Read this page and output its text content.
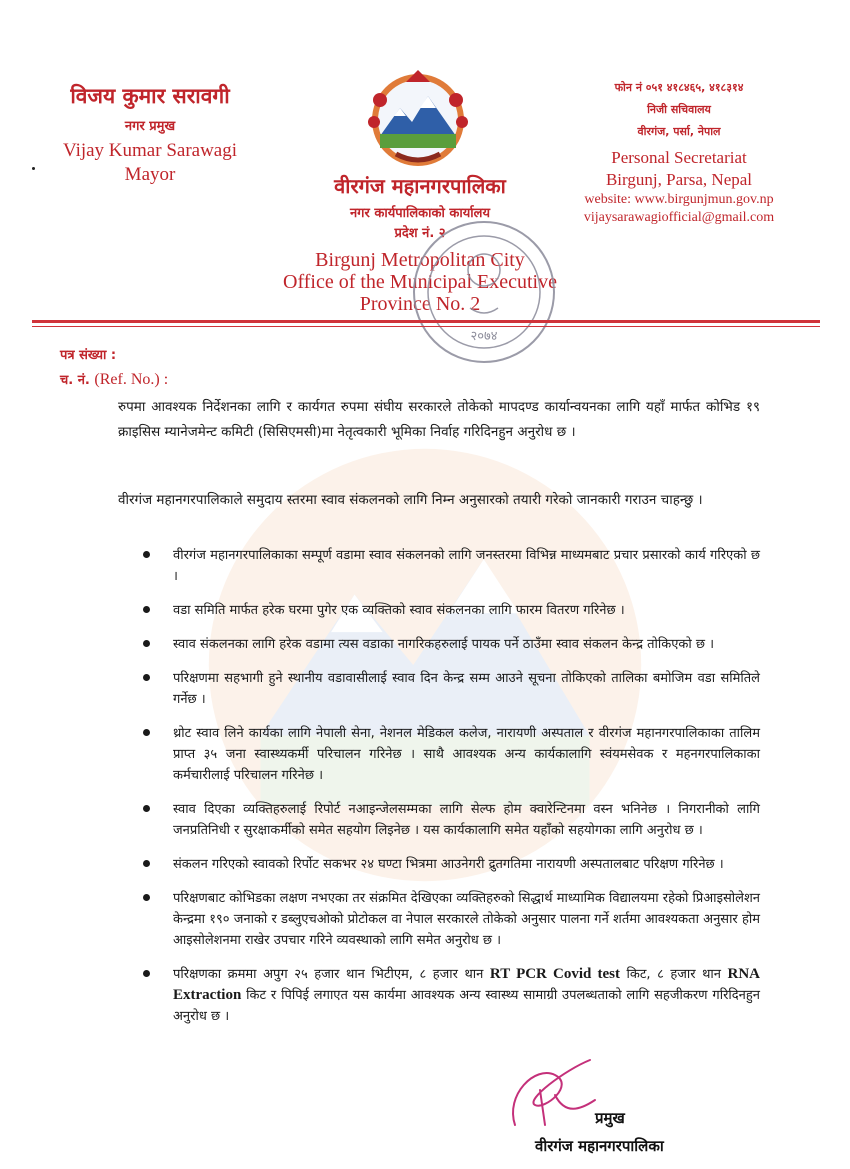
विजय कुमार सरावगी
नगर प्रमुख
Vijay Kumar Sarawagi
Mayor	वीरगंज महानगरपालिका
नगर कार्यपालिकाको कार्यालय
प्रदेश नं. २
Birgunj Metropolitan City
Office of the Municipal Executive
Province No. 2
फोन नं ०५१ ४१८४६५, ४१८३१४
निजी सचिवालय
वीरगंज, पर्सा, नेपाल
Personal Secretariat
Birgunj, Parsa, Nepal
website: www.birgunjmun.gov.np
vijaysarawagiofficial@gmail.com
२०७४
पत्र संख्या :
च. नं. (Ref. No.) :
रुपमा आवश्यक निर्देशनका लागि र कार्यगत रुपमा संघीय सरकारले तोकेको मापदण्ड कार्यान्वयनका लागि यहाँ मार्फत कोभिड १९ क्राइसिस म्यानेजमेन्ट कमिटी (सिसिएमसी)मा नेतृत्वकारी भूमिका निर्वाह गरिदिनहुन अनुरोध छ ।
वीरगंज महानगरपालिकाले समुदाय स्तरमा स्वाव संकलनको लागि निम्न अनुसारको तयारी गरेको जानकारी गराउन चाहन्छु ।
वीरगंज महानगरपालिकाका सम्पूर्ण वडामा स्वाव संकलनको लागि जनस्तरमा विभिन्न माध्यमबाट प्रचार प्रसारको कार्य गरिएको छ ।
वडा समिति मार्फत हरेक घरमा पुगेर एक व्यक्तिको स्वाव संकलनका लागि फारम वितरण गरिनेछ ।
स्वाव संकलनका लागि हरेक वडामा त्यस वडाका नागरिकहरुलाई पायक पर्ने ठाउँमा स्वाव संकलन केन्द्र तोकिएको छ ।
परिक्षणमा सहभागी हुने स्थानीय वडावासीलाई स्वाव दिन केन्द्र सम्म आउने सूचना तोकिएको तालिका बमोजिम वडा समितिले गर्नेछ ।
थ्रोट स्वाव लिने कार्यका लागि नेपाली सेना, नेशनल मेडिकल कलेज, नारायणी अस्पताल र वीरगंज महानगरपालिकाका तालिम प्राप्त ३५ जना स्वास्थ्यकर्मी परिचालन गरिनेछ । साथै आवश्यक अन्य कार्यकालागि स्वंयमसेवक र महनगरपालिकाका कर्मचारीलाई परिचालन गरिनेछ ।
स्वाव दिएका व्यक्तिहरुलाई रिपोर्ट नआइन्जेलसम्मका लागि सेल्फ होम क्वारेन्टिनमा वस्न भनिनेछ । निगरानीको लागि जनप्रतिनिधी र सुरक्षाकर्मीको समेत सहयोग लिइनेछ । यस कार्यकालागि समेत यहाँको सहयोगका लागि अनुरोध छ ।
संकलन गरिएको स्वावको रिर्पोट सकभर २४ घण्टा भित्रमा आउनेगरी द्रुतगतिमा नारायणी अस्पतालबाट परिक्षण गरिनेछ ।
परिक्षणबाट कोभिडका लक्षण नभएका तर संक्रमित देखिएका व्यक्तिहरुको सिद्धार्थ माध्यामिक विद्यालयमा रहेको प्रिआइसोलेशन केन्द्रमा १९० जनाको र डब्लुएचओको प्रोटोकल वा नेपाल सरकारले तोकेको अनुसार पालना गर्ने शर्तमा आवश्यकता अनुसार होम आइसोलेशनमा राखेर उपचार गरिने व्यवस्थाको लागि समेत अनुरोध छ ।
परिक्षणका क्रममा अपुग २५ हजार थान भिटीएम, ८ हजार थान RT PCR Covid test किट, ८ हजार थान RNA Extraction किट र पिपिई लगाएत यस कार्यमा आवश्यक अन्य स्वास्थ्य सामाग्री उपलब्धताको लागि सहजीकरण गरिदिनहुन अनुरोध छ ।
प्रमुख
वीरगंज महानगरपालिका
